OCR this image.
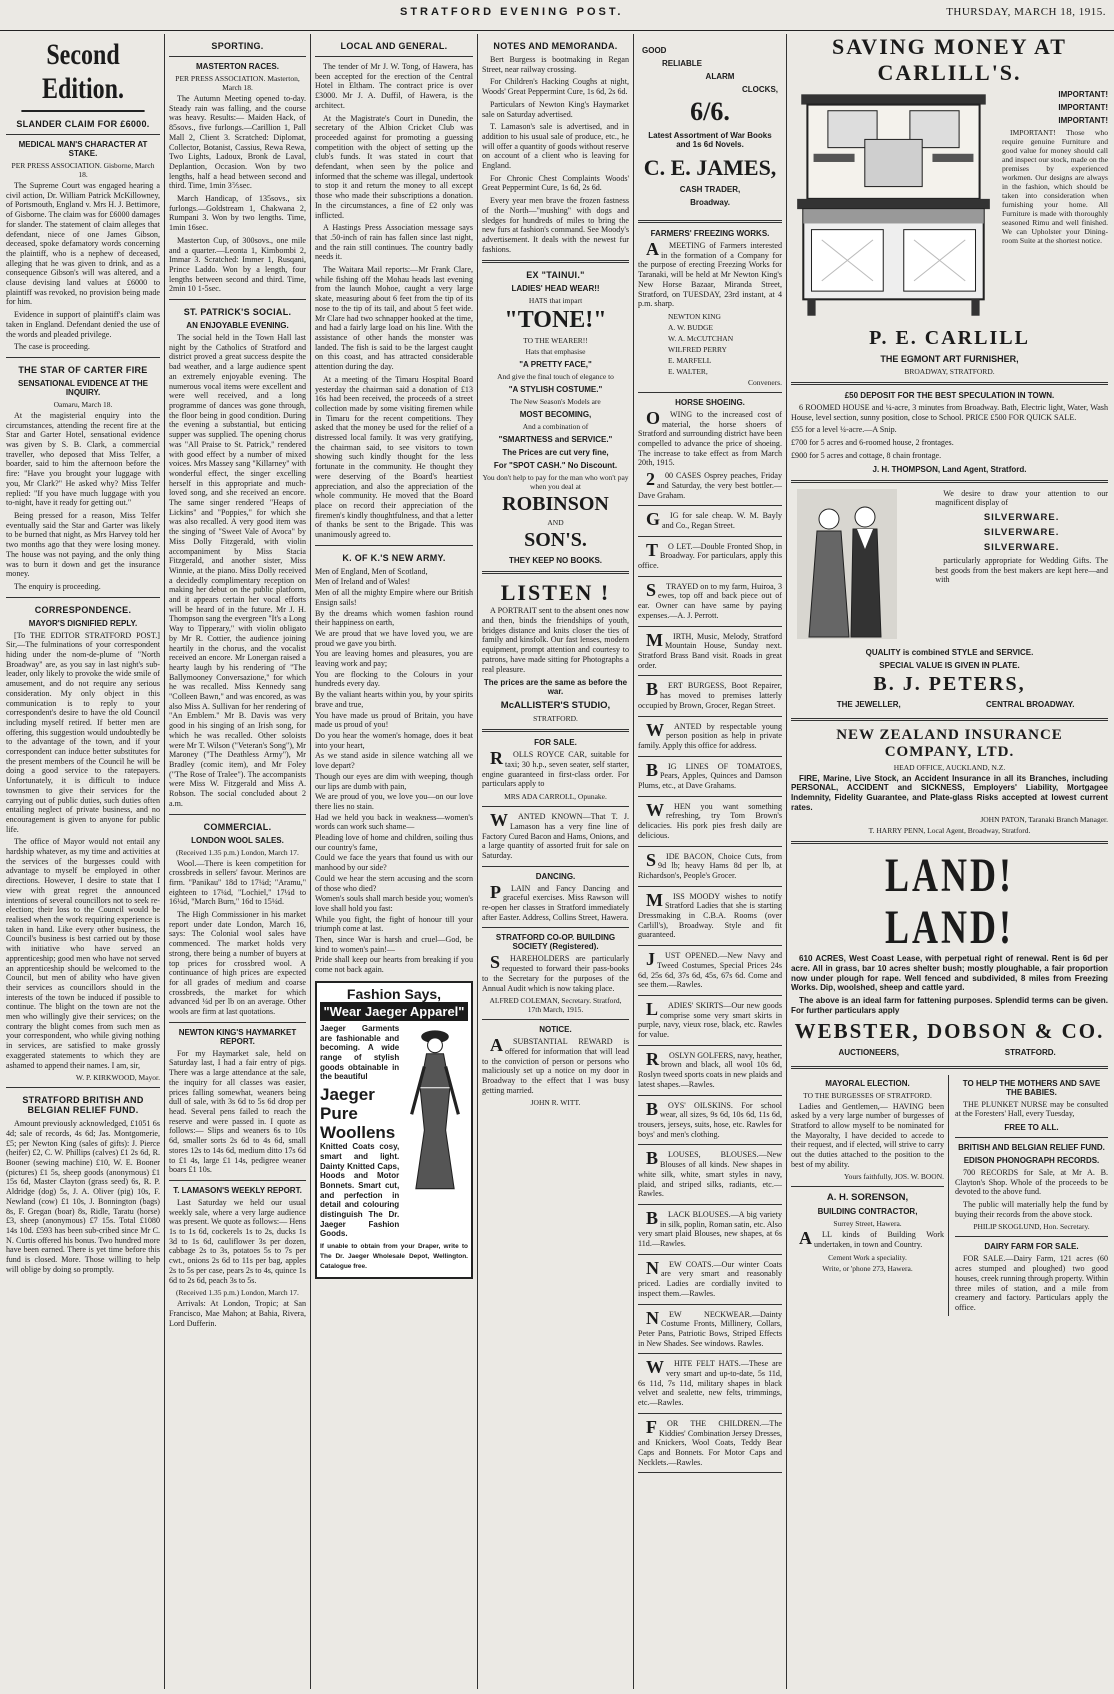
STRATFORD EVENING POST.	THURSDAY, MARCH 18, 1915.
Second Edition.
SLANDER CLAIM FOR £6000.
MEDICAL MAN'S CHARACTER AT STAKE.
PER PRESS ASSOCIATION. Gisborne, March 18.

The Supreme Court was engaged hearing a civil action, Dr. William Patrick McKillowney, of Portsmouth, England v. Mrs H. J. Bettimore, of Gisborne. The claim was for £6000 damages for slander. The statement of claim alleges that defendant, niece of one James Gibson, deceased, spoke defamatory words concerning the plaintiff, who is a nephew of deceased, alleging that he was given to drink, and as a consequence Gibson's will was altered, and a clause devising land values at £6000 to plaintiff was revoked, no provision being made for him.

Evidence in support of plaintiff's claim was taken in England. Defendant denied the use of the words and pleaded privilege.

The case is proceeding.

THE STAR OF CARTER FIRE
SENSATIONAL EVIDENCE AT THE INQUIRY.
Oamaru, March 18.

At the magisterial enquiry into the circumstances, attending the recent fire at the Star and Garter Hotel, sensational evidence was given by S. B. Clark, a commercial traveller, who deposed that Miss Telfer, a boarder, said to him the afternoon before the fire: "Have you brought your luggage with you, Mr Clark?" He asked why? Miss Telfer replied: "If you have much luggage with you to-night, have it ready for getting out."

Being pressed for a reason, Miss Telfer eventually said the Star and Garter was likely to be burned that night, as Mrs Harvey told her two months ago that they were losing money. The house was not paying, and the only thing was to burn it down and get the insurance money.

The enquiry is proceeding.

CORRESPONDENCE.
MAYOR'S DIGNIFIED REPLY.

[To THE EDITOR STRATFORD POST.] Sir,—The fulminations of your correspondent hiding under the nom-de-plume of "North Broadway" are, as you say in last night's sub-leader, only likely to provoke the wide smile of amusement, and do not require any serious consideration. My only object in this communication is to reply to your correspondent's desire to have the old Council including myself retired. If better men are offering, this suggestion would undoubtedly be to the advantage of the town, and if your correspondent can induce better substitutes for the present members of the Council he will be doing a good service to the ratepayers. Unfortunately, it is difficult to induce townsmen to give their services for the carrying out of public duties, such duties often entailing neglect of private business, and no encouragement is given to anyone for public life.

The office of Mayor would not entail any hardship whatever, as my time and activities at the services of the burgesses could with advantage to myself be employed in other directions. However, I desire to state that I view with great regret the announced intentions of several councillors not to seek re-election; their loss to the Council would be realised when the work requiring experience is taken in hand. Like every other business, the Council's business is best carried out by those with initiative who have served an apprenticeship; good men who have not served an apprenticeship should be welcomed to the Council, but men of ability who have given their services as councillors should in the interests of the town be induced if possible to continue. The blight on the town are not the men who willingly give their services; on the contrary the blight comes from such men as your correspondent, who while giving nothing in services, are satisfied to make grossly exaggerated statements to which they are ashamed to append their names. I am, sir,

W. P. KIRKWOOD, Mayor.
STRATFORD BRITISH AND BELGIAN RELIEF FUND.

Amount previously acknowledged, £1051 6s 4d; sale of records, 4s 6d; Jas. Montgomerie, £5; per Newton King (sales of gifts): J. Pierce (heifer) £2, C. W. Phillips (calves) £1 2s 6d, R. Booner (sewing machine) £10, W. E. Booner (pictures) £1 5s, sheep goods (anonymous) £1 15s 6d, Master Clayton (grass seed) 6s, R. P. Aldridge (dog) 5s, J. A. Oliver (pig) 10s, F. Newland (cow) £1 10s, J. Bonnington (bags) 8s, F. Gregan (boar) 8s, Ridle, Taratu (horse) £3, sheep (anonymous) £7 15s. Total £1080 14s 10d. £593 has been sub-cribed since Mr C. N. Curtis offered his bonus. Two hundred more have been earned. There is yet time before this fund is closed. More. Those willing to help will oblige by doing so promptly.

SPORTING.
MASTERTON RACES.
PER PRESS ASSOCIATION. Masterton, March 18.

The Autumn Meeting opened to-day. Steady rain was falling, and the course was heavy. Results:— Maiden Hack, of 85sovs., five furlongs.—Carillion 1, Pall Mall 2, Client 3. Scratched: Diplomat, Collector, Botanist, Cassius, Rewa Rewa, Two Lights, Ladoux, Bronk de Laval, Deplantion, Occasion. Won by two lengths, half a head between second and third. Time, 1min 3⅖sec.

March Handicap, of 135sovs., six furlongs.—Goldstream 1, Chakwana 2, Rumpani 3. Won by two lengths. Time, 1min 16sec.

Masterton Cup, of 300sovs., one mile and a quarter.—Leonta 1, Kimbombi 2, Immar 3. Scratched: Immer 1, Rusqani, Prince Laddo. Won by a length, four lengths between second and third. Time, 2min 10 1-5sec.

ST. PATRICK'S SOCIAL.
AN ENJOYABLE EVENING.

The social held in the Town Hall last night by the Catholics of Stratford and district proved a great success despite the bad weather, and a large audience spent an extremely enjoyable evening. The numerous vocal items were excellent and were well received, and a long programme of dances was gone through, the floor being in good condition. During the evening a substantial, but enticing supper was supplied. The opening chorus was "All Praise to St. Patrick," rendered with good effect by a number of mixed voices. Mrs Massey sang "Killarney" with wonderful effect, the singer excelling herself in this appropriate and much-loved song, and she received an encore. The same singer rendered "Heaps of Lickins" and "Poppies," for which she was also recalled. A very good item was the singing of "Sweet Vale of Avoca" by Miss Dolly Fitzgerald, with violin accompaniment by Miss Stacia Fitzgerald, and another sister, Miss Winnie, at the piano. Miss Dolly received a decidedly complimentary reception on making her debut on the public platform, and it appears certain her vocal efforts will be heard of in the future. Mr J. H. Thompson sang the evergreen "It's a Long Way to Tipperary," with violin obligato by Mr R. Cottier, the audience joining heartily in the chorus, and the vocalist received an encore. Mr Lonergan raised a hearty laugh by his rendering of "The Ballymooney Conversazione," for which he was recalled. Miss Kennedy sang "Colleen Bawn," and was encored, as was also Miss A. Sullivan for her rendering of "An Emblem." Mr B. Davis was very good in his singing of an Irish song, for which he was recalled. Other soloists were Mr T. Wilson ("Veteran's Song"), Mr Maroney ("The Deathless Army"), Mr Bradley (comic item), and Mr Foley ("The Rose of Tralee"). The accompanists were Miss W. Fitzgerald and Miss A. Robson. The social concluded about 2 a.m.

COMMERCIAL.
LONDON WOOL SALES.
(Received 1.35 p.m.) London, March 17.

Wool.—There is keen competition for crossbreds in sellers' favour. Merinos are firm. "Panikau" 18d to 17¼d; "Aramu," eighteen to 17¼d, "Lochiel," 17¼d to 16¼d, "March Burn," 16d to 15¼d.

The High Commissioner in his market report under date London, March 16, says: The Colonial wool sales have commenced. The market holds very strong, there being a number of buyers at top prices for crossbred wool. A continuance of high prices are expected for all grades of medium and coarse crossbreds, the market for which advanced ¼d per lb on an average. Other wools are firm at last quotations.

NEWTON KING'S HAYMARKET REPORT.

For my Haymarket sale, held on Saturday last, I had a fair entry of pigs. There was a large attendance at the sale, the inquiry for all classes was easier, prices falling somewhat, weaners being dull of sale, with 3s 6d to 5s 6d drop per head. Several pens failed to reach the reserve and were passed in. I quote as follows:— Slips and weaners 6s to 10s 6d, smaller sorts 2s 6d to 4s 6d, small stores 12s to 14s 6d, medium ditto 17s 6d to £1 4s, large £1 14s, pedigree weaner boars £1 10s.

T. LAMASON'S WEEKLY REPORT.

Last Saturday we held our usual weekly sale, where a very large audience was present. We quote as follows:— Hens 1s to 1s 6d, cockerels 1s to 2s, ducks 1s 3d to 1s 6d, cauliflower 3s per dozen, cabbage 2s to 3s, potatoes 5s to 7s per cwt., onions 2s 6d to 11s per bag, apples 2s to 5s per case, pears 2s to 4s, quince 1s 6d to 2s 6d, peach 3s to 5s.

(Received 1.35 p.m.) London, March 17.

Arrivals: At London, Tropic; at San Francisco, Mae Mahon; at Bahia, Rivera, Lord Dufferin.

LOCAL AND GENERAL.

The tender of Mr J. W. Tong, of Hawera, has been accepted for the erection of the Central Hotel in Eltham. The contract price is over £3000. Mr J. A. Duffil, of Hawera, is the architect.

At the Magistrate's Court in Dunedin, the secretary of the Albion Cricket Club was proceeded against for promoting a guessing competition with the object of setting up the club's funds. It was stated in court that defendant, when seen by the police and informed that the scheme was illegal, undertook to stop it and return the money to all except those who made their subscriptions a donation. In the circumstances, a fine of £2 only was inflicted.

A Hastings Press Association message says that .50-inch of rain has fallen since last night, and the rain still continues. The country badly needs it.

The Waitara Mail reports:—Mr Frank Clare, while fishing off the Mohau heads last evening from the launch Mohoe, caught a very large skate, measuring about 6 feet from the tip of its nose to the tip of its tail, and about 5 feet wide. Mr Clare had two schnapper hooked at the time, and had a fairly large load on his line. With the assistance of other hands the monster was landed. The fish is said to be the largest caught on this coast, and has attracted considerable attention during the day.

At a meeting of the Timaru Hospital Board yesterday the chairman said a donation of £13 16s had been received, the proceeds of a street collection made by some visiting firemen while in Timaru for the recent competitions. They asked that the money be used for the relief of a distressed local family. It was very gratifying, the chairman said, to see visitors to town showing such kindly thought for the less fortunate in the community. He thought they were deserving of the Board's heartiest appreciation, and also the appreciation of the whole community. He moved that the Board place on record their appreciation of the firemen's kindly thoughtfulness, and that a letter of thanks be sent to the Brigade. This was unanimously agreed to.

K. OF K.'S NEW ARMY.

Men of England, Men of Scotland,

Men of Ireland and of Wales!

Men of all the mighty Empire where our British Ensign sails!

By the dreams which women fashion round their happiness on earth,

We are proud that we have loved you, we are proud we gave you birth.

You are leaving homes and pleasures, you are leaving work and pay;

You are flocking to the Colours in your hundreds every day.

By the valiant hearts within you, by your spirits brave and true,

You have made us proud of Britain, you have made us proud of you!

Do you hear the women's homage, does it beat into your heart,

As we stand aside in silence watching all we love depart?

Though our eyes are dim with weeping, though our lips are dumb with pain,

We are proud of you, we love you—on our love there lies no stain.

Had we held you back in weakness—women's words can work such shame—

Pleading love of home and children, soiling thus our country's fame,

Could we face the years that found us with our manhood by our side?

Could we hear the stern accusing and the scorn of those who died?

Women's souls shall march beside you; women's love shall hold you fast:

While you fight, the fight of honour till your triumph come at last.

Then, since War is harsh and cruel—God, be kind to women's pain!—

Pride shall keep our hearts from breaking if you come not back again.

Fashion Says,
"Wear Jaeger Apparel"

Jaeger Garments are fashionable and becoming. A wide range of stylish goods obtainable in the beautiful

Jaeger
Pure
Woollens

Knitted Coats cosy, smart and light. Dainty Knitted Caps, Hoods and Motor Bonnets. Smart cut, and perfection in detail and colouring distinguish The Dr. Jaeger Fashion Goods.

If unable to obtain from your Draper, write to The Dr. Jaeger Wholesale Depot, Wellington. Catalogue free.

NOTES AND MEMORANDA.

Bert Burgess is bootmaking in Regan Street, near railway crossing.

For Children's Hacking Coughs at night, Woods' Great Peppermint Cure, 1s 6d, 2s 6d.

Particulars of Newton King's Haymarket sale on Saturday advertised.

T. Lamason's sale is advertised, and in addition to his usual sale of produce, etc., he will offer a quantity of goods without reserve on account of a client who is leaving for England.

For Chronic Chest Complaints Woods' Great Peppermint Cure, 1s 6d, 2s 6d.

Every year men brave the frozen fastness of the North—"mushing" with dogs and sledges for hundreds of miles to bring the new furs at fashion's command. See Moody's advertisement. It deals with the newest fur fashions.

EX "TAINUI."
LADIES' HEAD WEAR!!
HATS that impart
"TONE!"
TO THE WEARER!!
Hats that emphasise
"A PRETTY FACE,"
And give the final touch of elegance to
"A STYLISH COSTUME."
The New Season's Models are
MOST BECOMING,
And a combination of
"SMARTNESS and SERVICE."
The Prices are cut very fine,
For "SPOT CASH." No Discount.
You don't help to pay for the man who won't pay when you deal at
ROBINSON
AND
SON'S.
THEY KEEP NO BOOKS.
LISTEN !

A PORTRAIT sent to the absent ones now and then, binds the friendships of youth, bridges distance and knits closer the ties of family and kinsfolk. Our fast lenses, modern equipment, prompt attention and courtesy to patrons, have made sitting for Photographs a real pleasure.

The prices are the same as before the war.
McALLISTER'S STUDIO,
STRATFORD.
FOR SALE.

ROLLS ROYCE CAR, suitable for taxi; 30 h.p., seven seater, self starter, engine guaranteed in first-class order. For particulars apply to

MRS ADA CARROLL, Opunake.

WANTED KNOWN—That T. J. Lamason has a very fine line of Factory Cured Bacon and Hams, Onions, and a large quantity of assorted fruit for sale on Saturday.

DANCING.

PLAIN and Fancy Dancing and graceful exercises. Miss Rawson will re-open her classes in Stratford immediately after Easter. Address, Collins Street, Hawera.

STRATFORD CO-OP. BUILDING SOCIETY (Registered).

SHAREHOLDERS are particularly requested to forward their pass-books to the Secretary for the purposes of the Annual Audit which is now taking place.

ALFRED COLEMAN, Secretary. Stratford, 17th March, 1915.
NOTICE.

ASUBSTANTIAL REWARD is offered for information that will lead to the conviction of person or persons who maliciously set up a notice on my door in Broadway to the effect that I was busy getting married.

JOHN R. WITT.
GOOD
RELIABLE
ALARM
CLOCKS,
6/6.
Latest Assortment of War Books and 1s 6d Novels.
C. E. JAMES,
CASH TRADER,
Broadway.
FARMERS' FREEZING WORKS.

AMEETING of Farmers interested in the formation of a Company for the purpose of erecting Freezing Works for Taranaki, will be held at Mr Newton King's New Horse Bazaar, Miranda Street, Stratford, on TUESDAY, 23rd instant, at 4 p.m. sharp.

NEWTON KING
A. W. BUDGE
W. A. McCUTCHAN
WILFRED PERRY
E. MARFELL
E. WALTER,
Conveners.
HORSE SHOEING.

OWING to the increased cost of material, the horse shoers of Stratford and surrounding district have been compelled to advance the price of shoeing. The increase to take effect as from March 20th, 1915.

200 CASES Osprey peaches, Friday and Saturday, the very best bottler.—Dave Graham.

GIG for sale cheap. W. M. Bayly and Co., Regan Street.

TO LET.—Double Fronted Shop, in Broadway. For particulars, apply this office.

STRAYED on to my farm, Huiroa, 3 ewes, top off and back piece out of ear. Owner can have same by paying expenses.—A. J. Perrott.

MIRTH, Music, Melody, Stratford Mountain House, Sunday next. Stratford Brass Band visit. Roads in great order.

BERT BURGESS, Boot Repairer, has moved to premises latterly occupied by Brown, Grocer, Regan Street.

WANTED by respectable young person position as help in private family. Apply this office for address.

BIG LINES OF TOMATOES, Pears, Apples, Quinces and Damson Plums, etc., at Dave Grahams.

WHEN you want something refreshing, try Tom Brown's delicacies. His pork pies fresh daily are delicious.

SIDE BACON, Choice Cuts, from 9d lb; heavy Hams 8d per lb, at Richardson's, People's Grocer.

MISS MOODY wishes to notify Stratford Ladies that she is starting Dressmaking in C.B.A. Rooms (over Carlill's), Broadway. Style and fit guaranteed.

JUST OPENED.—New Navy and Tweed Costumes, Special Prices 24s 6d, 25s 6d, 37s 6d, 45s, 67s 6d. Come and see them.—Rawles.

LADIES' SKIRTS—Our new goods comprise some very smart skirts in purple, navy, vieux rose, black, etc. Rawles for value.

ROSLYN GOLFERS, navy, heather, brown and black, all wool 10s 6d, Roslyn tweed sports coats in new plaids and latest shapes.—Rawles.

BOYS' OILSKINS. For school wear, all sizes, 9s 6d, 10s 6d, 11s 6d, trousers, jerseys, suits, hose, etc. Rawles for boys' and men's clothing.

BLOUSES, BLOUSES.—New Blouses of all kinds. New shapes in white silk, white, smart styles in navy, plaid, and striped silks, radiants, etc.—Rawles.

BLACK BLOUSES.—A big variety in silk, poplin, Roman satin, etc. Also very smart plaid Blouses, new shapes, at 6s 11d.—Rawles.

NEW COATS.—Our winter Coats are very smart and reasonably priced. Ladies are cordially invited to inspect them.—Rawles.

NEW NECKWEAR.—Dainty Costume Fronts, Millinery, Collars, Peter Pans, Patriotic Bows, Striped Effects in New Shades. See windows. Rawles.

WHITE FELT HATS.—These are very smart and up-to-date, 5s 11d, 6s 11d, 7s 11d, military shapes in black velvet and sealette, new felts, trimmings, etc.—Rawles.

FOR THE CHILDREN.—The Kiddies' Combination Jersey Dresses, and Knickers, Wool Coats, Teddy Bear Caps and Bonnets. For Motor Caps and Necklets.—Rawles.

SAVING MONEY AT
CARLILL'S.
IMPORTANT!
IMPORTANT!
IMPORTANT!

IMPORTANT! Those who require genuine Furniture and good value for money should call and inspect our stock, made on the premises by experienced workmen. Our designs are always in the fashion, which should be taken into consideration when furnishing your home. All Furniture is made with thoroughly seasoned Rimu and well finished. We can Upholster your Dining-room Suite at the shortest notice.

P. E. CARLILL
THE EGMONT ART FURNISHER,
BROADWAY, STRATFORD.
£50 DEPOSIT FOR THE BEST SPECULATION IN TOWN.

6 ROOMED HOUSE and ¼-acre, 3 minutes from Broadway. Bath, Electric light, Water, Wash House, level section, sunny position, close to School. PRICE £500 FOR QUICK SALE.

£55 for a level ¼-acre.—A Snip.

£700 for 5 acres and 6-roomed house, 2 frontages.

£900 for 5 acres and cottage, 8 chain frontage.

J. H. THOMPSON, Land Agent, Stratford.

We desire to draw your attention to our magnificent display of

SILVERWARE.
SILVERWARE.
SILVERWARE.

particularly appropriate for Wedding Gifts. The best goods from the best makers are kept here—and with

QUALITY is combined STYLE and SERVICE.
SPECIAL VALUE IS GIVEN IN PLATE.
B. J. PETERS,
THE JEWELLER,	CENTRAL BROADWAY.
NEW ZEALAND INSURANCE COMPANY, LTD.
HEAD OFFICE, AUCKLAND, N.Z.

FIRE, Marine, Live Stock, an Accident Insurance in all its Branches, including PERSONAL, ACCIDENT and SICKNESS, Employers' Liability, Mortgagee Indemnity, Fidelity Guarantee, and Plate-glass Risks accepted at lowest current rates.

JOHN PATON, Taranaki Branch Manager.
T. HARRY PENN, Local Agent, Broadway, Stratford.
LAND! LAND!

610 ACRES, West Coast Lease, with perpetual right of renewal. Rent is 6d per acre. All in grass, bar 10 acres shelter bush; mostly ploughable, a fair proportion now under plough for rape. Well fenced and subdivided, 8 miles from Freezing Works. Dip, woolshed, sheep and cattle yard.

The above is an ideal farm for fattening purposes. Splendid terms can be given. For further particulars apply

WEBSTER, DOBSON & CO.
AUCTIONEERS,	STRATFORD.
MAYORAL ELECTION.
TO THE BURGESSES OF STRATFORD.

Ladies and Gentlemen,— HAVING been asked by a very large number of burgesses of Stratford to allow myself to be nominated for the Mayoralty, I have decided to accede to their request, and if elected, will strive to carry out the duties attached to the position to the best of my ability.

Yours faithfully, JOS. W. BOON.
A. H. SORENSON,
BUILDING CONTRACTOR,
Surrey Street, Hawera.

ALL kinds of Building Work undertaken, in town and Country.

Cement Work a speciality.
Write, or 'phone 273, Hawera.
TO HELP THE MOTHERS AND SAVE THE BABIES.

THE PLUNKET NURSE may be consulted at the Foresters' Hall, every Tuesday,

FREE TO ALL.
BRITISH AND BELGIAN RELIEF FUND.
EDISON PHONOGRAPH RECORDS.

700 RECORDS for Sale, at Mr A. B. Clayton's Shop. Whole of the proceeds to be devoted to the above fund.

The public will materially help the fund by buying their records from the above stock.

PHILIP SKOGLUND, Hon. Secretary.
DAIRY FARM FOR SALE.

FOR SALE.—Dairy Farm, 121 acres (60 acres stumped and ploughed) two good houses, creek running through property. Within three miles of station, and a mile from creamery and factory. Particulars apply the office.
